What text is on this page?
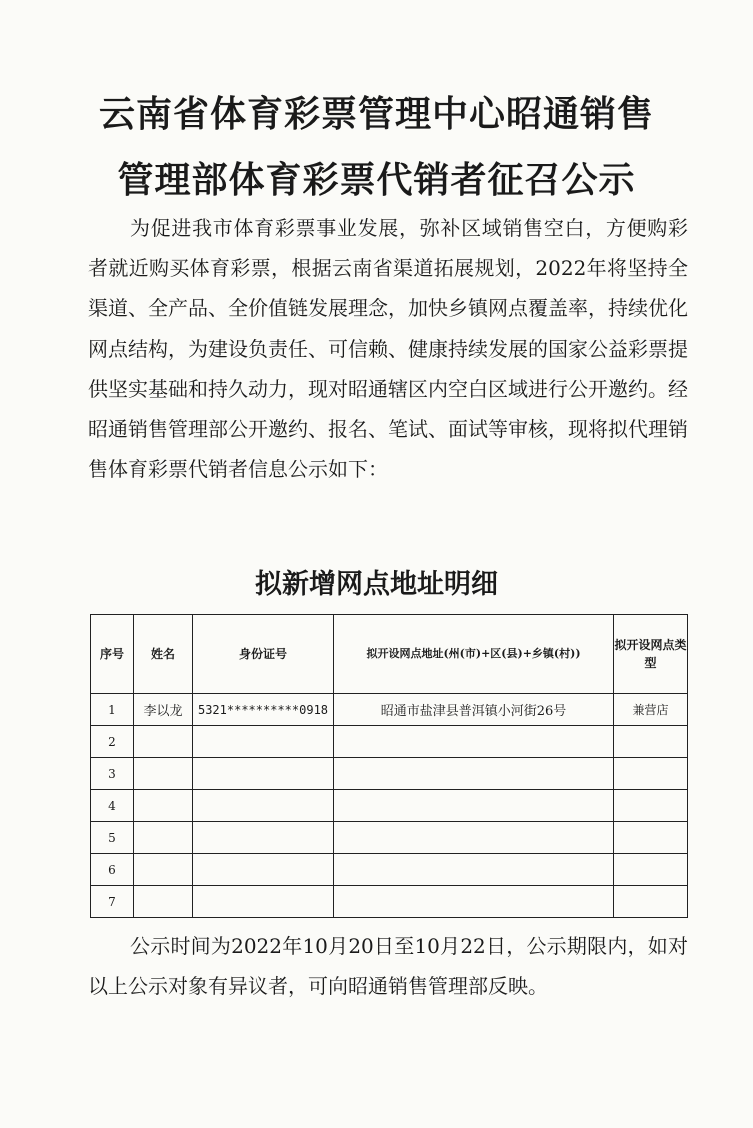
云南省体育彩票管理中心昭通销售
管理部体育彩票代销者征召公示

为促进我市体育彩票事业发展，弥补区域销售空白，方便购彩者就近购买体育彩票，根据云南省渠道拓展规划，2022年将坚持全渠道、全产品、全价值链发展理念，加快乡镇网点覆盖率，持续优化网点结构，为建设负责任、可信赖、健康持续发展的国家公益彩票提供坚实基础和持久动力，现对昭通辖区内空白区域进行公开邀约。经昭通销售管理部公开邀约、报名、笔试、面试等审核，现将拟代理销售体育彩票代销者信息公示如下：

拟新增网点地址明细
序号	姓名	身份证号	拟开设网点地址(州(市)+区(县)+乡镇(村))	拟开设网点类型
1	李以龙	5321**********0918	昭通市盐津县普洱镇小河街26号	兼营店
2				
3				
4				
5				
6				
7				

公示时间为2022年10月20日至10月22日，公示期限内，如对以上公示对象有异议者，可向昭通销售管理部反映。
